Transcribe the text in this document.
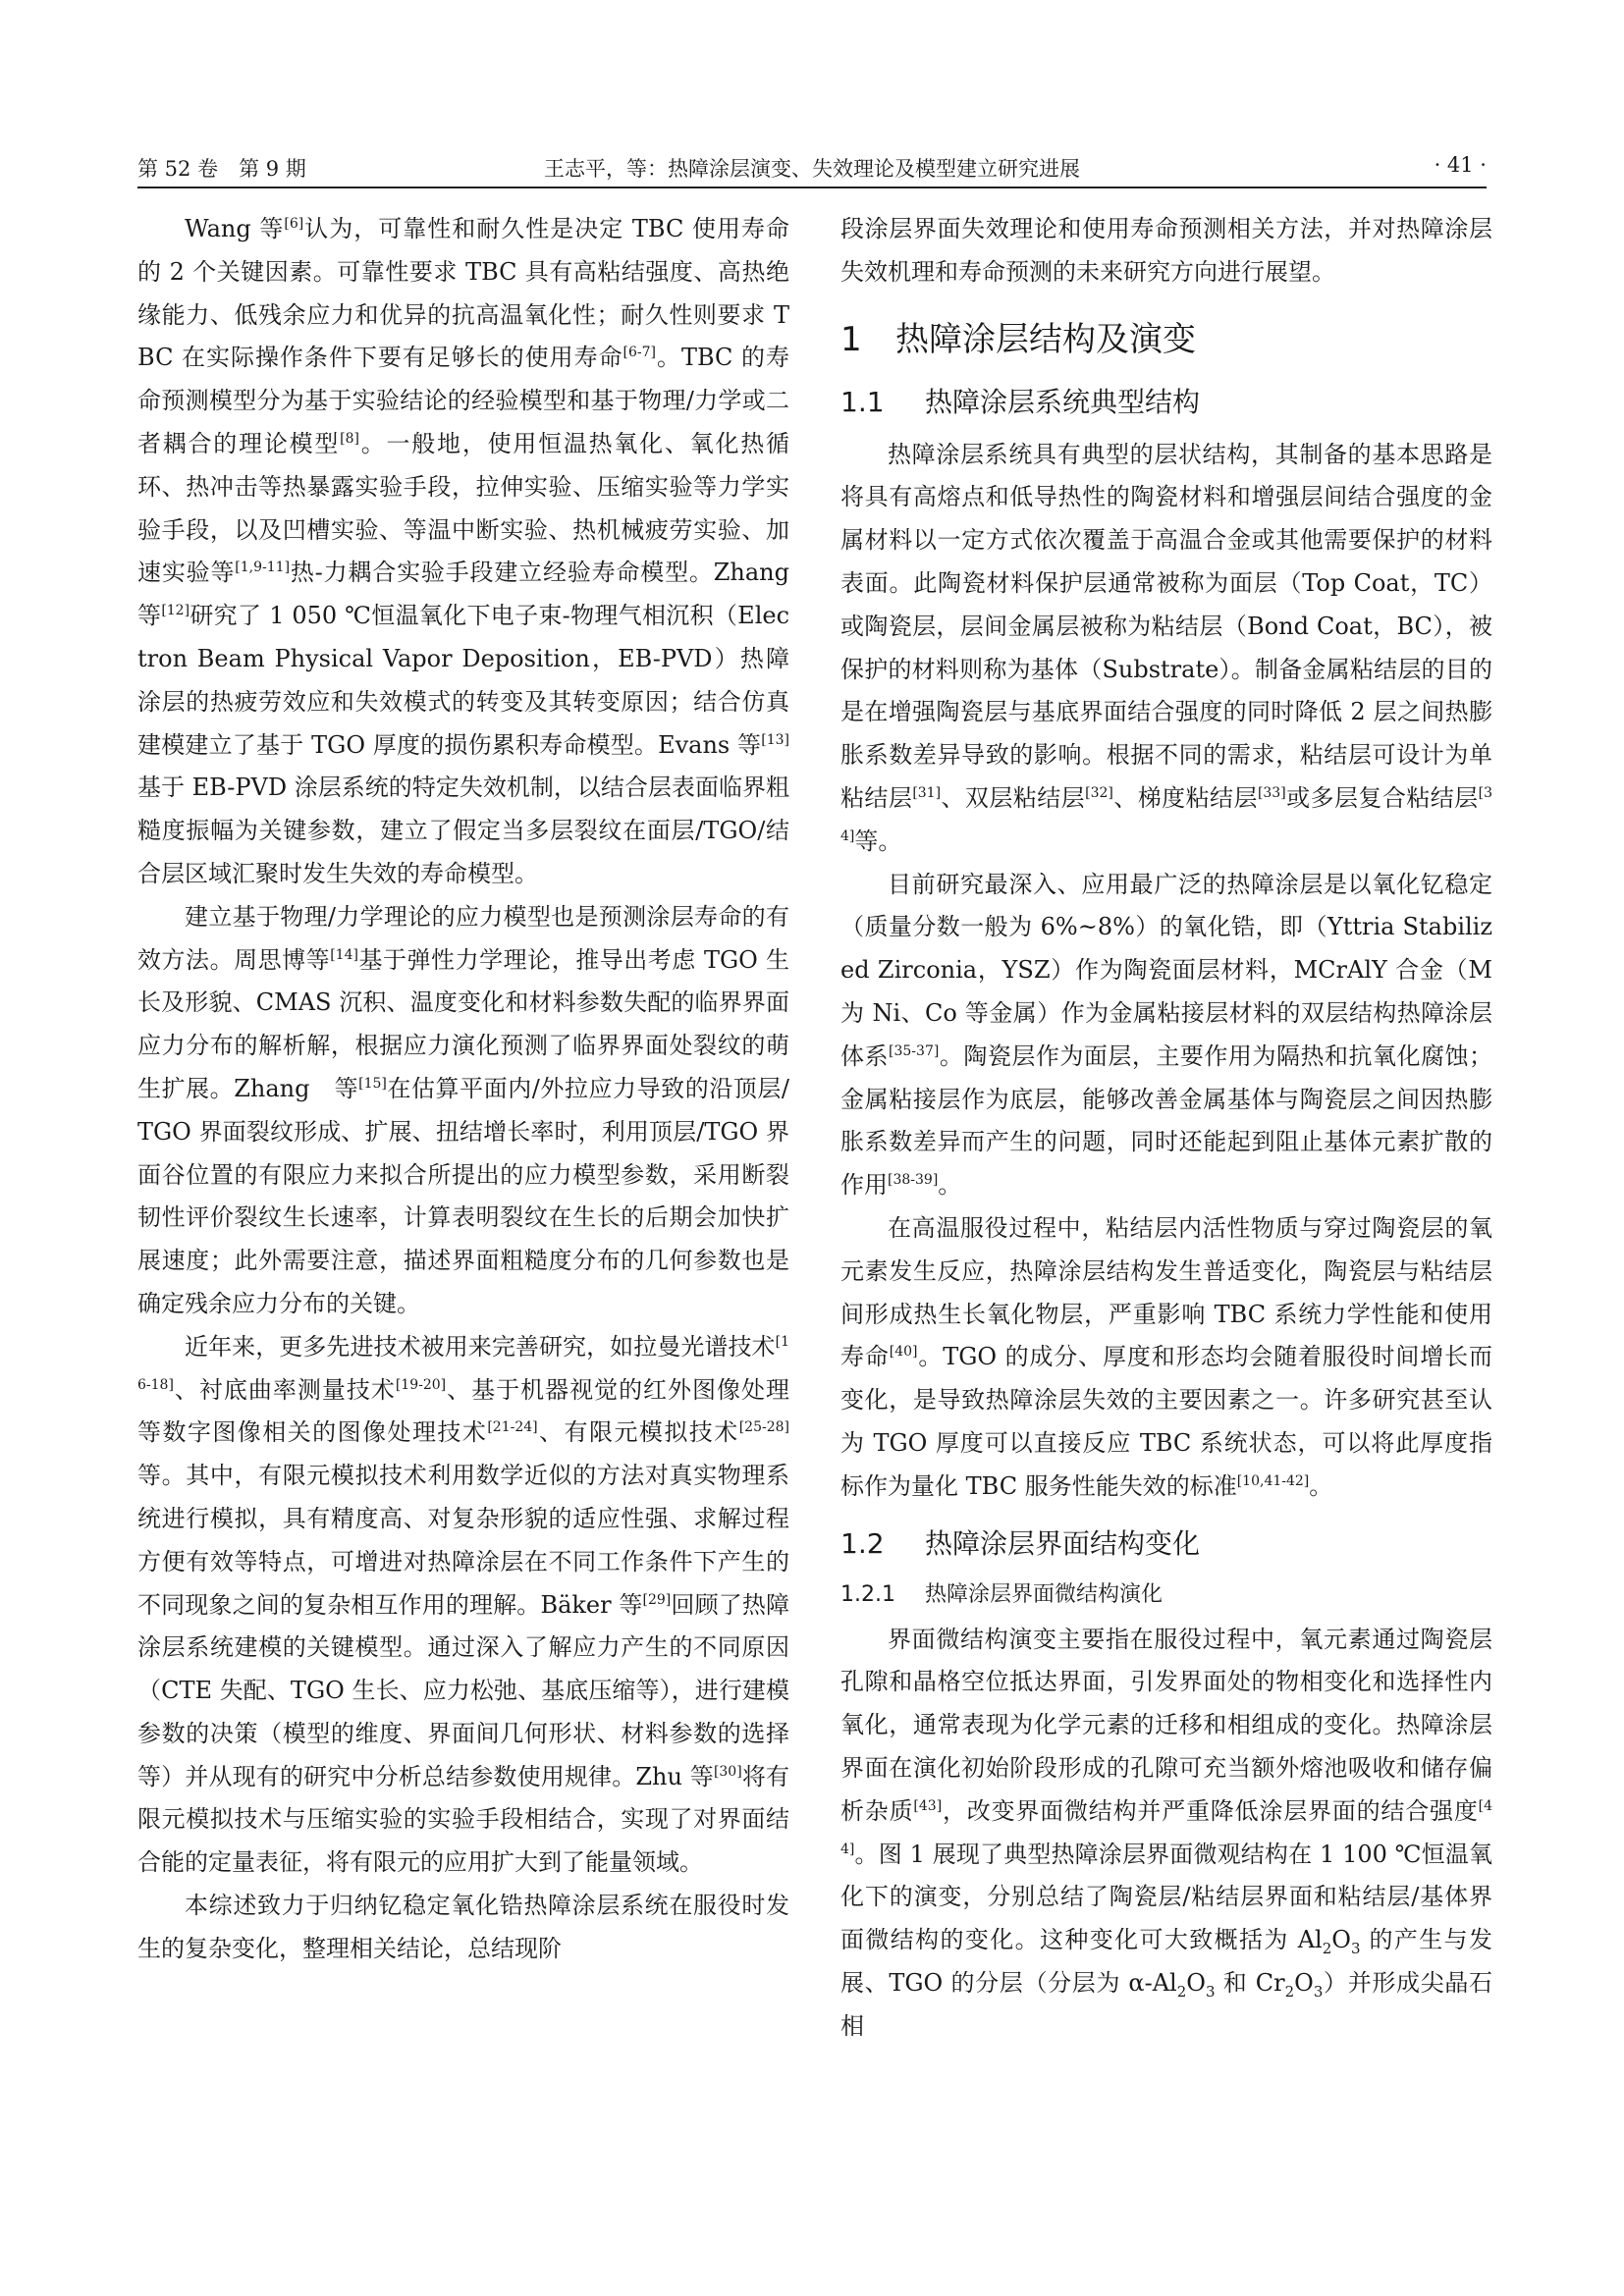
第 52 卷　第 9 期	王志平，等：热障涂层演变、失效理论及模型建立研究进展	· 41 ·

Wang 等[6]认为，可靠性和耐久性是决定 TBC 使用寿命的 2 个关键因素。可靠性要求 TBC 具有高粘结强度、高热绝缘能力、低残余应力和优异的抗高温氧化性；耐久性则要求 TBC 在实际操作条件下要有足够长的使用寿命[6-7]。TBC 的寿命预测模型分为基于实验结论的经验模型和基于物理/力学或二者耦合的理论模型[8]。一般地，使用恒温热氧化、氧化热循环、热冲击等热暴露实验手段，拉伸实验、压缩实验等力学实验手段，以及凹槽实验、等温中断实验、热机械疲劳实验、加速实验等[1,9-11]热-力耦合实验手段建立经验寿命模型。Zhang 等[12]研究了 1 050 ℃恒温氧化下电子束-物理气相沉积（Electron Beam Physical Vapor Deposition，EB-PVD）热障涂层的热疲劳效应和失效模式的转变及其转变原因；结合仿真建模建立了基于 TGO 厚度的损伤累积寿命模型。Evans 等[13]基于 EB-PVD 涂层系统的特定失效机制，以结合层表面临界粗糙度振幅为关键参数，建立了假定当多层裂纹在面层/TGO/结合层区域汇聚时发生失效的寿命模型。

建立基于物理/力学理论的应力模型也是预测涂层寿命的有效方法。周思博等[14]基于弹性力学理论，推导出考虑 TGO 生长及形貌、CMAS 沉积、温度变化和材料参数失配的临界界面应力分布的解析解，根据应力演化预测了临界界面处裂纹的萌生扩展。Zhang　等[15]在估算平面内/外拉应力导致的沿顶层/TGO 界面裂纹形成、扩展、扭结增长率时，利用顶层/TGO 界面谷位置的有限应力来拟合所提出的应力模型参数，采用断裂韧性评价裂纹生长速率，计算表明裂纹在生长的后期会加快扩展速度；此外需要注意，描述界面粗糙度分布的几何参数也是确定残余应力分布的关键。

近年来，更多先进技术被用来完善研究，如拉曼光谱技术[16-18]、衬底曲率测量技术[19-20]、基于机器视觉的红外图像处理等数字图像相关的图像处理技术[21-24]、有限元模拟技术[25-28]等。其中，有限元模拟技术利用数学近似的方法对真实物理系统进行模拟，具有精度高、对复杂形貌的适应性强、求解过程方便有效等特点，可增进对热障涂层在不同工作条件下产生的不同现象之间的复杂相互作用的理解。Bäker 等[29]回顾了热障涂层系统建模的关键模型。通过深入了解应力产生的不同原因（CTE 失配、TGO 生长、应力松弛、基底压缩等），进行建模参数的决策（模型的维度、界面间几何形状、材料参数的选择等）并从现有的研究中分析总结参数使用规律。Zhu 等[30]将有限元模拟技术与压缩实验的实验手段相结合，实现了对界面结合能的定量表征，将有限元的应用扩大到了能量领域。

本综述致力于归纳钇稳定氧化锆热障涂层系统在服役时发生的复杂变化，整理相关结论，总结现阶

段涂层界面失效理论和使用寿命预测相关方法，并对热障涂层失效机理和寿命预测的未来研究方向进行展望。

1 热障涂层结构及演变
1.1 热障涂层系统典型结构

热障涂层系统具有典型的层状结构，其制备的基本思路是将具有高熔点和低导热性的陶瓷材料和增强层间结合强度的金属材料以一定方式依次覆盖于高温合金或其他需要保护的材料表面。此陶瓷材料保护层通常被称为面层（Top Coat，TC）或陶瓷层，层间金属层被称为粘结层（Bond Coat，BC），被保护的材料则称为基体（Substrate）。制备金属粘结层的目的是在增强陶瓷层与基底界面结合强度的同时降低 2 层之间热膨胀系数差异导致的影响。根据不同的需求，粘结层可设计为单粘结层[31]、双层粘结层[32]、梯度粘结层[33]或多层复合粘结层[34]等。

目前研究最深入、应用最广泛的热障涂层是以氧化钇稳定（质量分数一般为 6%~8%）的氧化锆，即（Yttria Stabilized Zirconia，YSZ）作为陶瓷面层材料，MCrAlY 合金（M 为 Ni、Co 等金属）作为金属粘接层材料的双层结构热障涂层体系[35-37]。陶瓷层作为面层，主要作用为隔热和抗氧化腐蚀；金属粘接层作为底层，能够改善金属基体与陶瓷层之间因热膨胀系数差异而产生的问题，同时还能起到阻止基体元素扩散的作用[38-39]。

在高温服役过程中，粘结层内活性物质与穿过陶瓷层的氧元素发生反应，热障涂层结构发生普适变化，陶瓷层与粘结层间形成热生长氧化物层，严重影响 TBC 系统力学性能和使用寿命[40]。TGO 的成分、厚度和形态均会随着服役时间增长而变化，是导致热障涂层失效的主要因素之一。许多研究甚至认为 TGO 厚度可以直接反应 TBC 系统状态，可以将此厚度指标作为量化 TBC 服务性能失效的标准[10,41-42]。

1.2 热障涂层界面结构变化
1.2.1 热障涂层界面微结构演化

界面微结构演变主要指在服役过程中，氧元素通过陶瓷层孔隙和晶格空位抵达界面，引发界面处的物相变化和选择性内氧化，通常表现为化学元素的迁移和相组成的变化。热障涂层界面在演化初始阶段形成的孔隙可充当额外熔池吸收和储存偏析杂质[43]，改变界面微结构并严重降低涂层界面的结合强度[44]。图 1 展现了典型热障涂层界面微观结构在 1 100 ℃恒温氧化下的演变，分别总结了陶瓷层/粘结层界面和粘结层/基体界面微结构的变化。这种变化可大致概括为 $Al_2O_3$ 的产生与发展、TGO 的分层（分层为 $\alpha-Al_2O_3$ 和 $Cr_2O_3$）并形成尖晶石相
